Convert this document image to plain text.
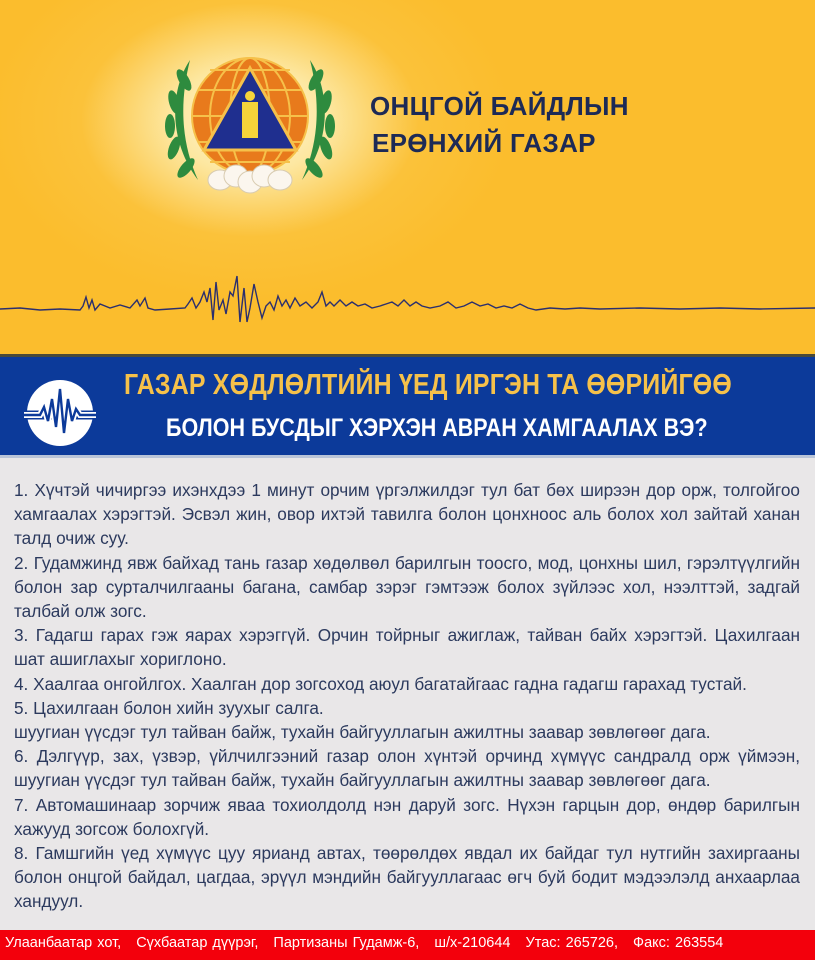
ОНЦГОЙ БАЙДЛЫН
ЕРӨНХИЙ ГАЗАР
ГАЗАР ХӨДЛӨЛТИЙН ҮЕД ИРГЭН ТА ӨӨРИЙГӨӨ
БОЛОН БУСДЫГ ХЭРХЭН АВРАН ХАМГААЛАХ ВЭ?

1. Хүчтэй чичиргээ ихэнхдээ 1 минут орчим үргэлжилдэг тул бат бөх ширээн дор орж, толгойгоо хамгаалах хэрэгтэй. Эсвэл жин, овор ихтэй тавилга болон цонхноос аль болох хол зайтай ханан талд очиж суу.

2. Гудамжинд явж байхад тань газар хөдөлвөл барилгын тоосго, мод, цонхны шил, гэрэлтүүлгийн болон зар сурталчилгааны багана, самбар зэрэг гэмтээж болох зүйлээс хол, нээлттэй, задгай талбай олж зогс.

3. Гадагш гарах гэж яарах хэрэггүй. Орчин тойрныг ажиглаж, тайван байх хэрэгтэй. Цахилгаан шат ашиглахыг хориглоно.

4. Хаалгаа онгойлгох. Хаалган дор зогсоход аюул багатайгаас гадна гадагш гарахад тустай.

5. Цахилгаан болон хийн зуухыг салга.

шуугиан үүсдэг тул тайван байж, тухайн байгууллагын ажилтны заавар зөвлөгөөг дага.

6. Дэлгүүр, зах, үзвэр, үйлчилгээний газар олон хүнтэй орчинд хүмүүс сандралд орж үймээн, шуугиан үүсдэг тул тайван байж, тухайн байгууллагын ажилтны заавар зөвлөгөөг дага.

7. Автомашинаар зорчиж яваа тохиолдолд нэн даруй зогс. Нүхэн гарцын дор, өндөр барилгын хажууд зогсож болохгүй.

8. Гамшгийн үед хүмүүс цуу ярианд автах, төөрөлдөх явдал их байдаг тул нутгийн захиргааны болон онцгой байдал, цагдаа, эрүүл мэндийн байгууллагаас өгч буй бодит мэдээлэлд анхаарлаа хандуул.

Улаанбаатар хот, Сүхбаатар дүүрэг, Партизаны Гудамж-6, ш/х-210644 Утас: 265726, Факс: 263554
